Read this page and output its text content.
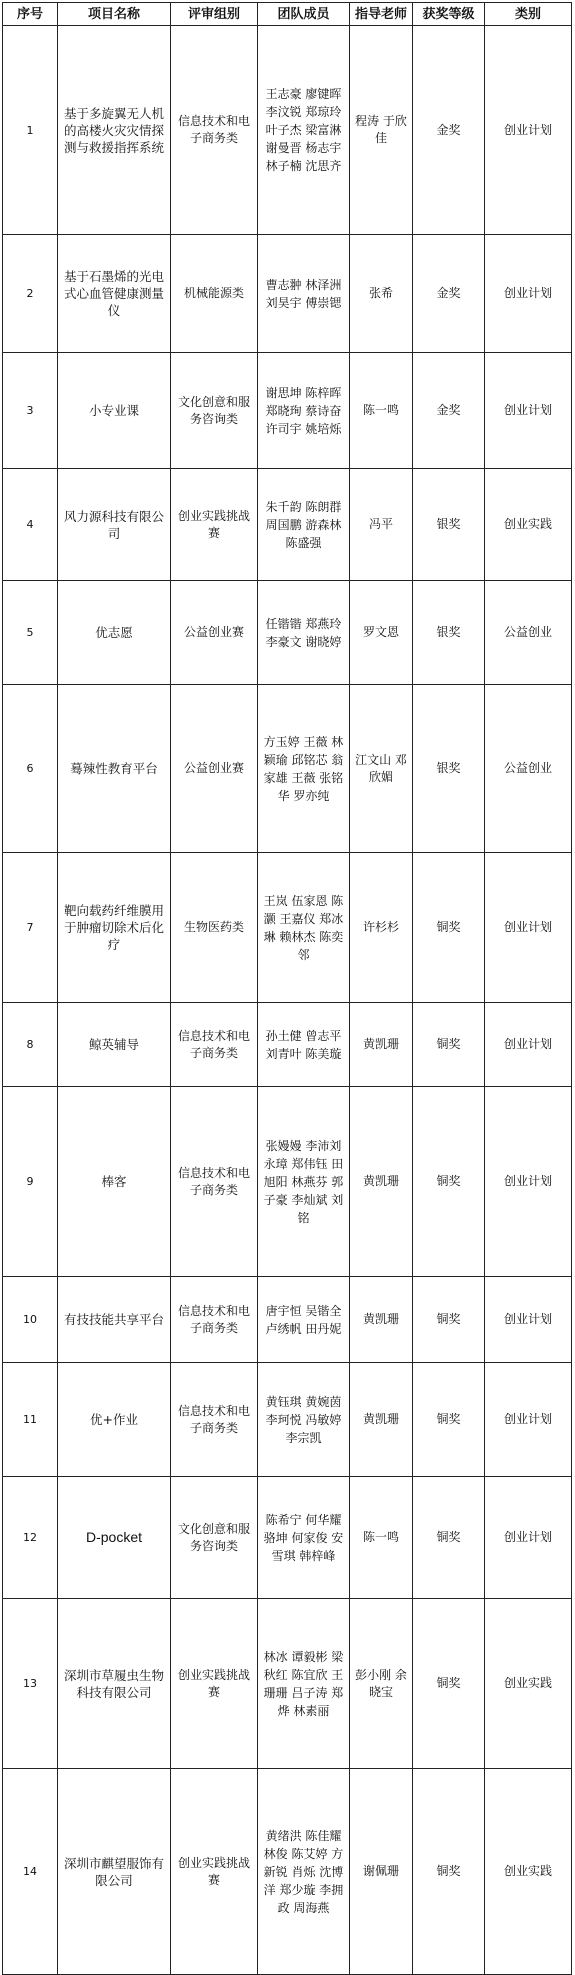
序号	项目名称	评审组别	团队成员	指导老师	获奖等级	类别
1	基于多旋翼无人机的高楼火灾灾情探测与救援指挥系统	信息技术和电子商务类	王志豪 廖键晖 李汶锐 郑琼玲 叶子杰 梁富淋 谢曼晋 杨志宇 林子楠 沈思齐	程涛 于欣佳	金奖	创业计划
2	基于石墨烯的光电式心血管健康测量仪	机械能源类	曹志翀 林泽洲 刘昊宇 傅崇锶	张希	金奖	创业计划
3	小专业课	文化创意和服务咨询类	谢思坤 陈梓晖 郑晓珣 蔡诗奋 许司宇 姚培烁	陈一鸣	金奖	创业计划
4	风力源科技有限公司	创业实践挑战赛	朱千韵 陈朗群 周国鹏 游森林 陈盛强	冯平	银奖	创业实践
5	优志愿	公益创业赛	任锴锴 郑燕玲 李豪文 谢晓婷	罗文恩	银奖	公益创业
6	蓦辣性教育平台	公益创业赛	方玉婷 王薇 林颖瑜 邱铭芯 翁家雄 王薇 张铭华 罗亦纯	江文山 邓欣媚	银奖	公益创业
7	靶向载药纤维膜用于肿瘤切除术后化疗	生物医药类	王岚 伍家恩 陈灏 王嘉仪 郑冰琳 赖林杰 陈奕邻	许杉杉	铜奖	创业计划
8	鲸英辅导	信息技术和电子商务类	孙土健 曾志平 刘青叶 陈美璇	黄凯珊	铜奖	创业计划
9	棒客	信息技术和电子商务类	张嫚嫚 李沛刘永璋 郑伟钰 田旭阳 林燕芬 郭子豪 李灿斌 刘铭	黄凯珊	铜奖	创业计划
10	有技技能共享平台	信息技术和电子商务类	唐宇恒 吴锴全 卢绣帆 田丹妮	黄凯珊	铜奖	创业计划
11	优+作业	信息技术和电子商务类	黄钰琪 黄婉茵 李珂悦 冯敏婷 李宗凯	黄凯珊	铜奖	创业计划
12	D-pocket	文化创意和服务咨询类	陈希宁 何华耀 骆坤 何家俊 安雪琪 韩梓峰	陈一鸣	铜奖	创业计划
13	深圳市草履虫生物科技有限公司	创业实践挑战赛	林冰 谭毅彬 梁秋红 陈宜欣 王珊珊 吕子涛 郑烨 林素丽	彭小刚 余晓宝	铜奖	创业实践
14	深圳市麒望服饰有限公司	创业实践挑战赛	黄绪洪 陈佳耀 林俊 陈艾婷 方新锐 肖烁 沈博洋 郑少璇 李拥政 周海燕	谢佩珊	铜奖	创业实践
